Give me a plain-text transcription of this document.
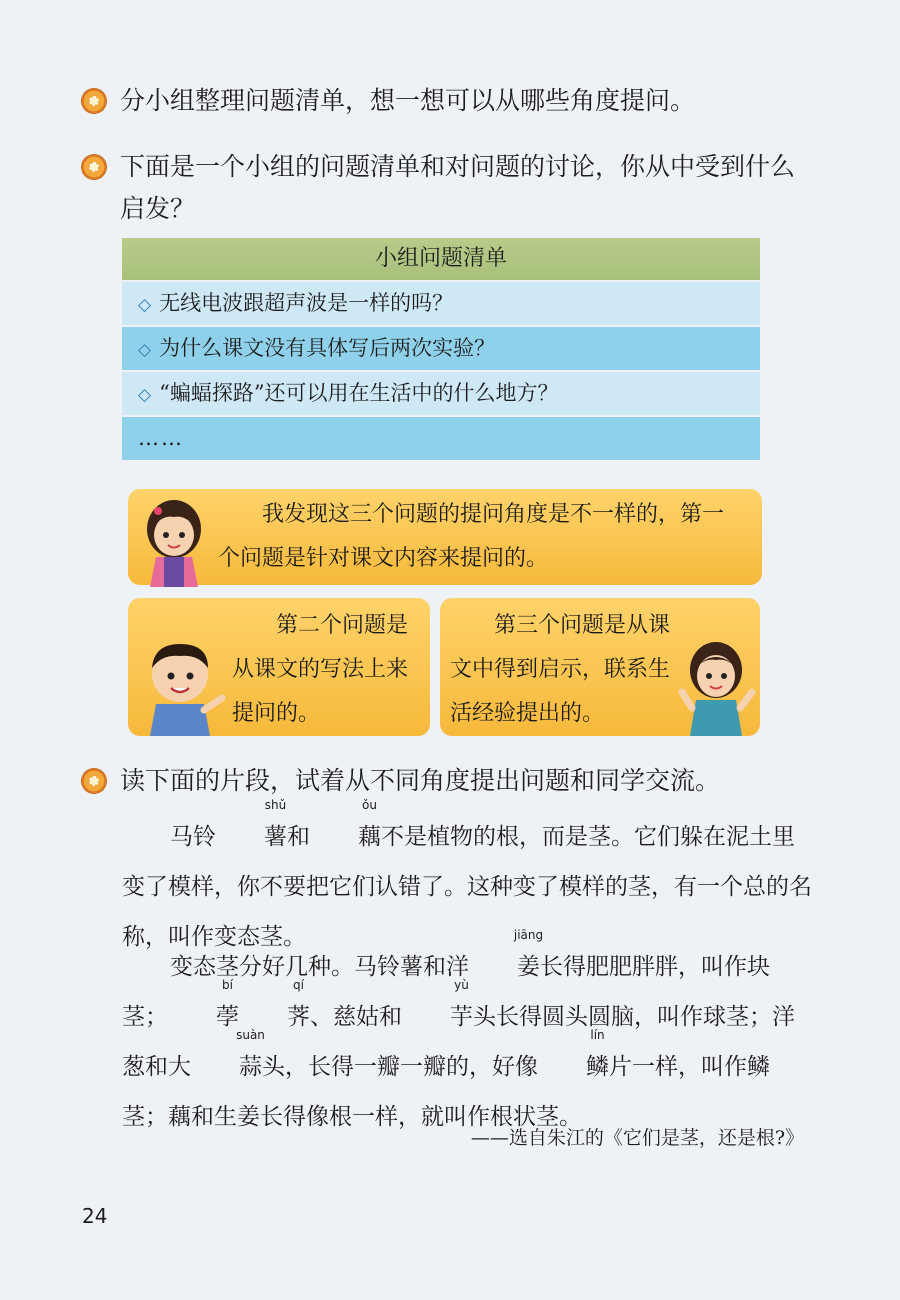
分小组整理问题清单，想一想可以从哪些角度提问。
下面是一个小组的问题清单和对问题的讨论，你从中受到什么启发？
小组问题清单
◇ 无线电波跟超声波是一样的吗？
◇ 为什么课文没有具体写后两次实验？
◇ “蝙蝠探路”还可以用在生活中的什么地方？
……
我发现这三个问题的提问角度是不一样的，第一个问题是针对课文内容来提问的。
第二个问题是从课文的写法上来提问的。
第三个问题是从课文中得到启示，联系生活经验提出的。
读下面的片段，试着从不同角度提出问题和同学交流。

马铃
shǔ
薯和
ǒu
藕不是植物的根，而是茎。它们躲在泥土里变了模样，你不要把它们认错了。这种变了模样的茎，有一个总的名称，叫作变态茎。

变态茎分好几种。马铃薯和洋
jiāng
姜长得肥肥胖胖，叫作块茎；
bí
荸
qí
荠、慈姑和
yù
芋头长得圆头圆脑，叫作球茎；洋葱和大
suàn
蒜头，长得一瓣一瓣的，好像
lín
鳞片一样，叫作鳞茎；藕和生姜长得像根一样，就叫作根状茎。

——选自朱江的《它们是茎，还是根?》
24
